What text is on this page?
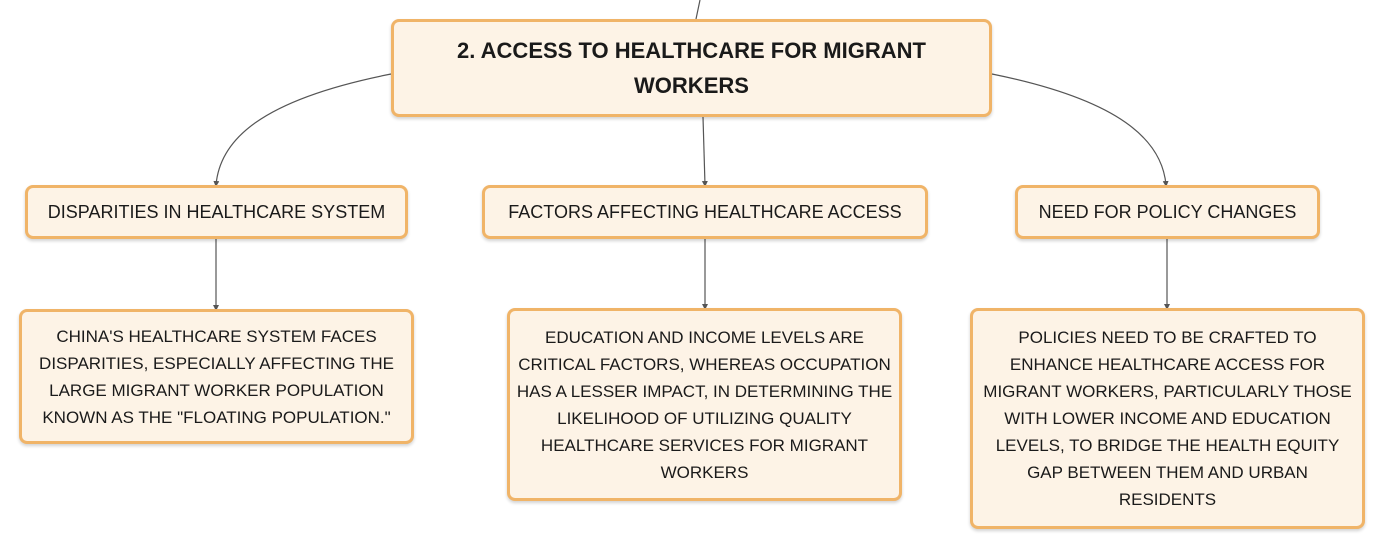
2. ACCESS TO HEALTHCARE FOR MIGRANT WORKERS
DISPARITIES IN HEALTHCARE SYSTEM	FACTORS AFFECTING HEALTHCARE ACCESS	NEED FOR POLICY CHANGES
CHINA'S HEALTHCARE SYSTEM FACES DISPARITIES, ESPECIALLY AFFECTING THE LARGE MIGRANT WORKER POPULATION KNOWN AS THE "FLOATING POPULATION."
EDUCATION AND INCOME LEVELS ARE CRITICAL FACTORS, WHEREAS OCCUPATION HAS A LESSER IMPACT, IN DETERMINING THE LIKELIHOOD OF UTILIZING QUALITY HEALTHCARE SERVICES FOR MIGRANT WORKERS
POLICIES NEED TO BE CRAFTED TO ENHANCE HEALTHCARE ACCESS FOR MIGRANT WORKERS, PARTICULARLY THOSE WITH LOWER INCOME AND EDUCATION LEVELS, TO BRIDGE THE HEALTH EQUITY GAP BETWEEN THEM AND URBAN RESIDENTS
